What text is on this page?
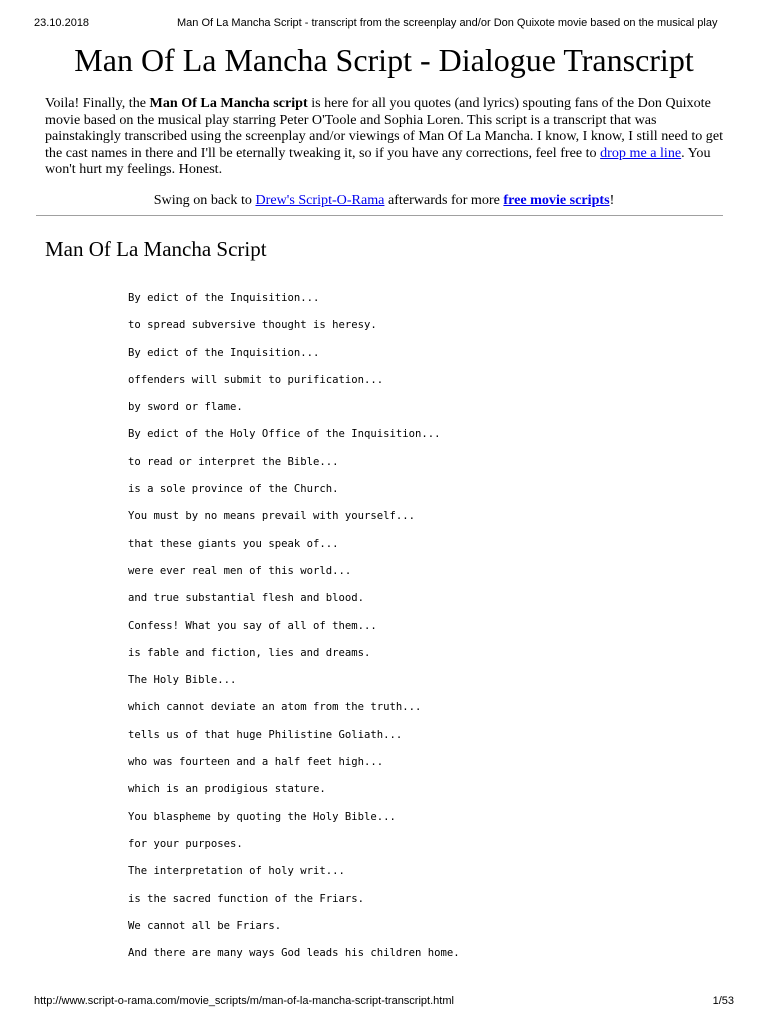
23.10.2018	Man Of La Mancha Script - transcript from the screenplay and/or Don Quixote movie based on the musical play
Man Of La Mancha Script - Dialogue Transcript

Voila! Finally, the Man Of La Mancha script is here for all you quotes (and lyrics) spouting fans of the Don Quixote movie based on the musical play starring Peter O'Toole and Sophia Loren. This script is a transcript that was painstakingly transcribed using the screenplay and/or viewings of Man Of La Mancha. I know, I know, I still need to get the cast names in there and I'll be eternally tweaking it, so if you have any corrections, feel free to drop me a line. You won't hurt my feelings. Honest.

Swing on back to Drew's Script-O-Rama afterwards for more free movie scripts!

Man Of La Mancha Script
By edict of the Inquisition...
to spread subversive thought is heresy.
By edict of the Inquisition...
offenders will submit to purification...
by sword or flame.
By edict of the Holy Office of the Inquisition...
to read or interpret the Bible...
is a sole province of the Church.
You must by no means prevail with yourself...
that these giants you speak of...
were ever real men of this world...
and true substantial flesh and blood.
Confess! What you say of all of them...
is fable and fiction, lies and dreams.
The Holy Bible...
which cannot deviate an atom from the truth...
tells us of that huge Philistine Goliath...
who was fourteen and a half feet high...
which is an prodigious stature.
You blaspheme by quoting the Holy Bible...
for your purposes.
The interpretation of holy writ...
is the sacred function of the Friars.
We cannot all be Friars.
And there are many ways God leads his children home.
http://www.script-o-rama.com/movie_scripts/m/man-of-la-mancha-script-transcript.html	1/53
